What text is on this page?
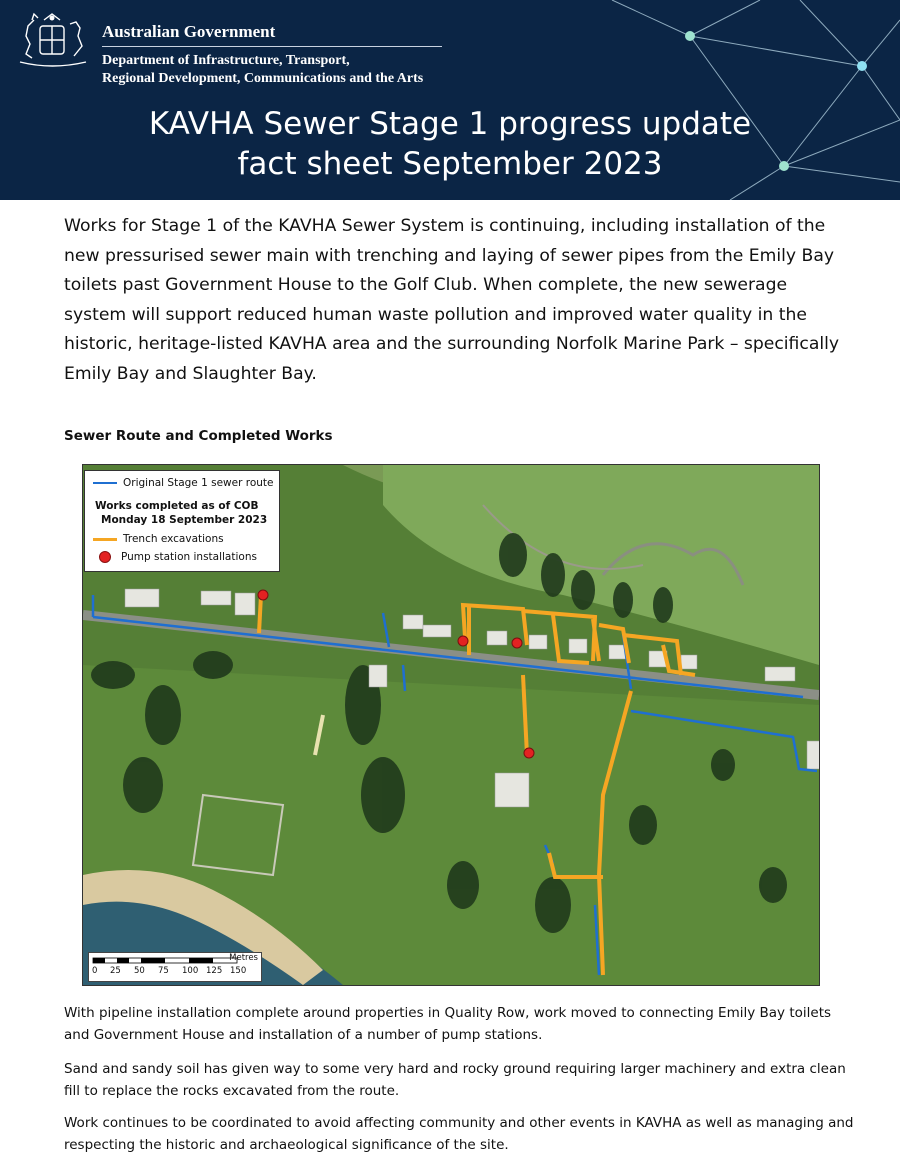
Australian Government
Department of Infrastructure, Transport,
Regional Development, Communications and the Arts
KAVHA Sewer Stage 1 progress update
fact sheet September 2023

Works for Stage 1 of the KAVHA Sewer System is continuing, including installation of the new pressurised sewer main with trenching and laying of sewer pipes from the Emily Bay toilets past Government House to the Golf Club. When complete, the new sewerage system will support reduced human waste pollution and improved water quality in the historic, heritage-listed KAVHA area and the surrounding Norfolk Marine Park – specifically Emily Bay and Slaughter Bay.

Sewer Route and Completed Works
Original Stage 1 sewer route
Works completed as of COB
Monday 18 September 2023
Trench excavations
Pump station installations
Metres
0 25 50 75 100 125 150

With pipeline installation complete around properties in Quality Row, work moved to connecting Emily Bay toilets and Government House and installation of a number of pump stations.

Sand and sandy soil has given way to some very hard and rocky ground requiring larger machinery and extra clean fill to replace the rocks excavated from the route.

Work continues to be coordinated to avoid affecting community and other events in KAVHA as well as managing and respecting the historic and archaeological significance of the site.
